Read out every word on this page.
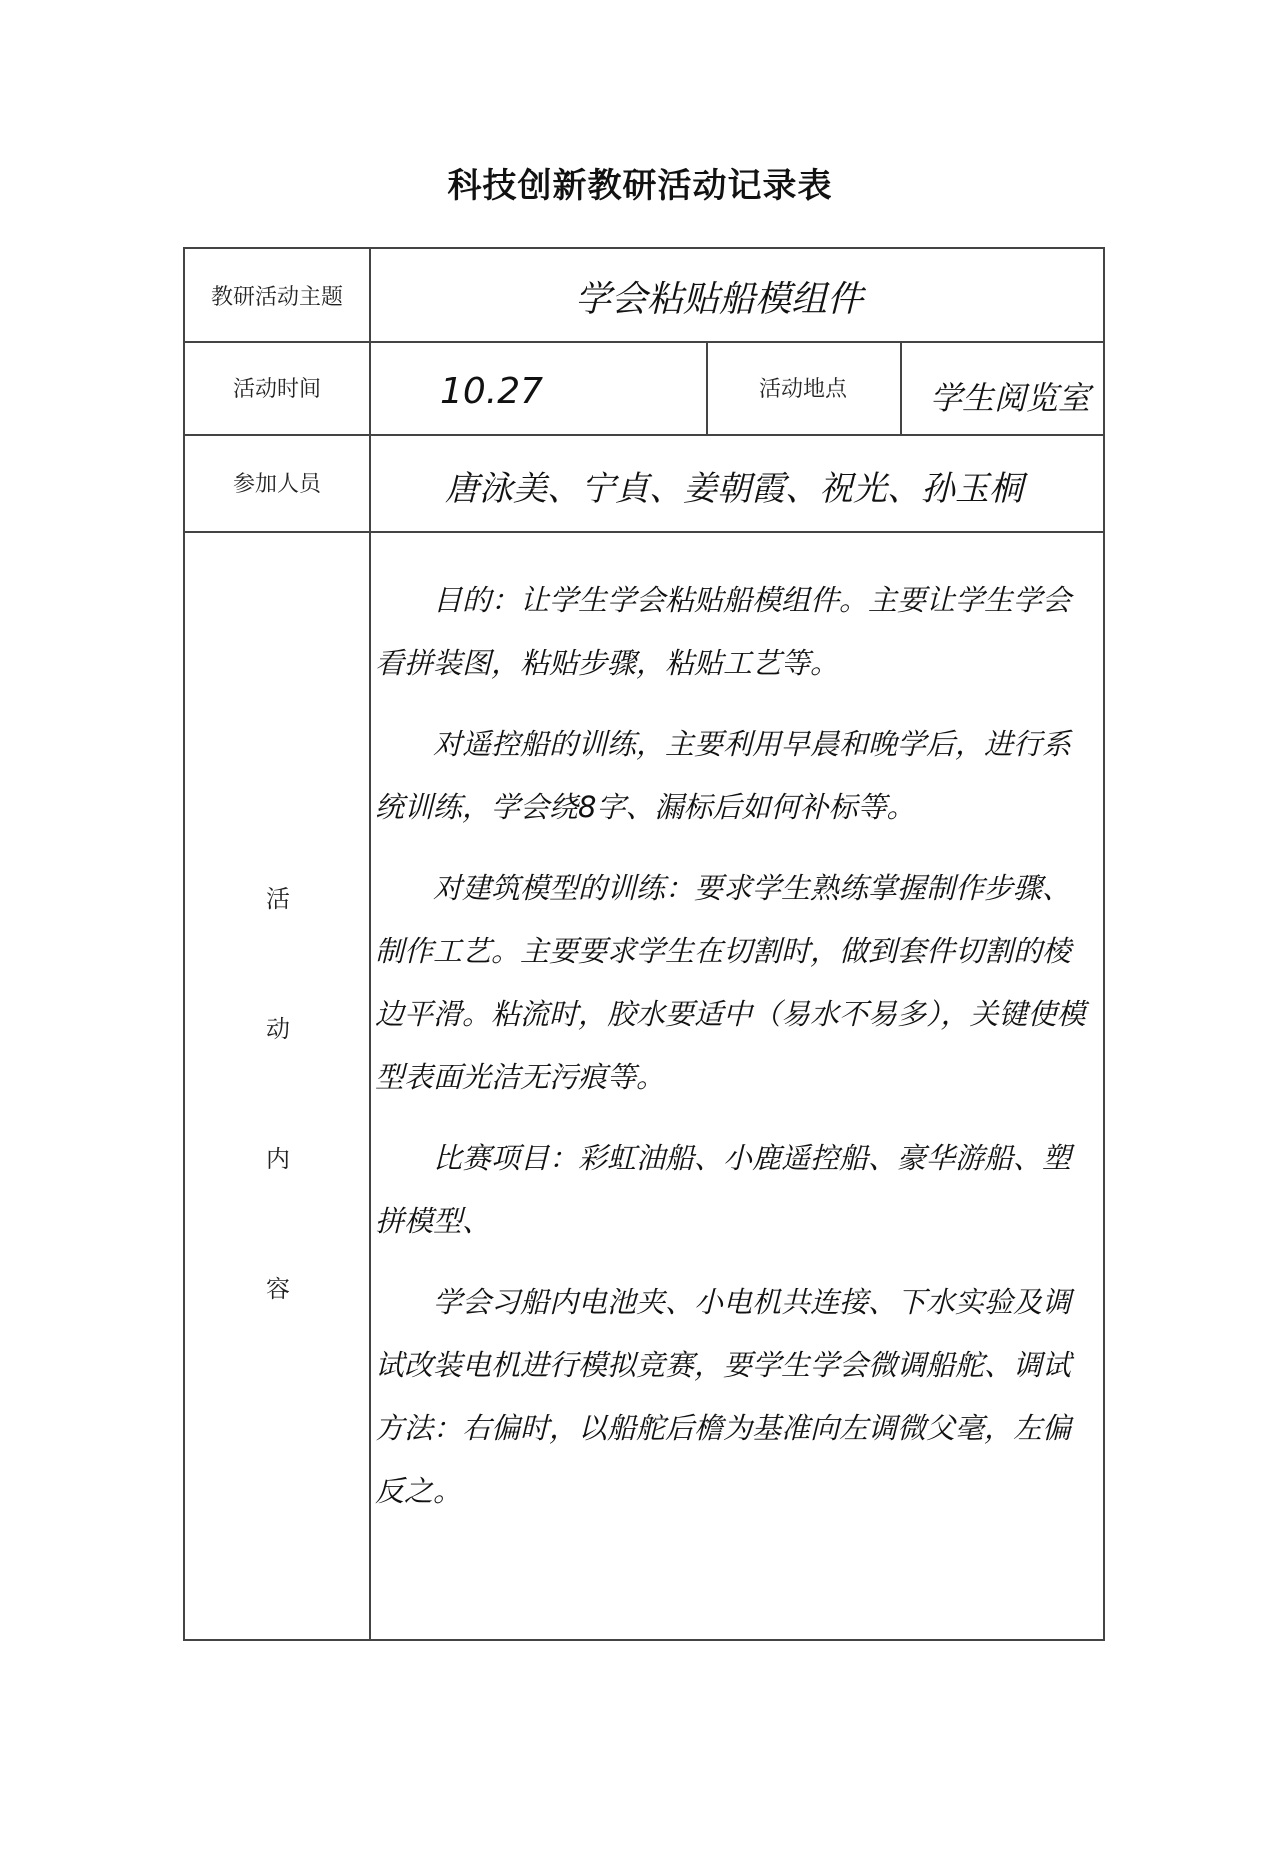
科技创新教研活动记录表
教研活动主题	学会粘贴船模组件
活动时间	10.27	活动地点	学生阅览室
参加人员	唐泳美、宁貞、姜朝霞、祝光、孙玉桐
活
动
内
容

目的：让学生学会粘贴船模组件。主要让学生学会看拼装图，粘贴步骤，粘贴工艺等。

对遥控船的训练，主要利用早晨和晚学后，进行系统训练，学会绕8字、漏标后如何补标等。

对建筑模型的训练：要求学生熟练掌握制作步骤、制作工艺。主要要求学生在切割时，做到套件切割的棱边平滑。粘流时，胶水要适中（易水不易多），关键使模型表面光洁无污痕等。

比赛项目：彩虹油船、小鹿遥控船、豪华游船、塑拼模型、

学会习船内电池夹、小电机共连接、下水实验及调试改装电机进行模拟竞赛，要学生学会微调船舵、调试方法：右偏时，以船舵后檐为基准向左调微父毫，左偏反之。
